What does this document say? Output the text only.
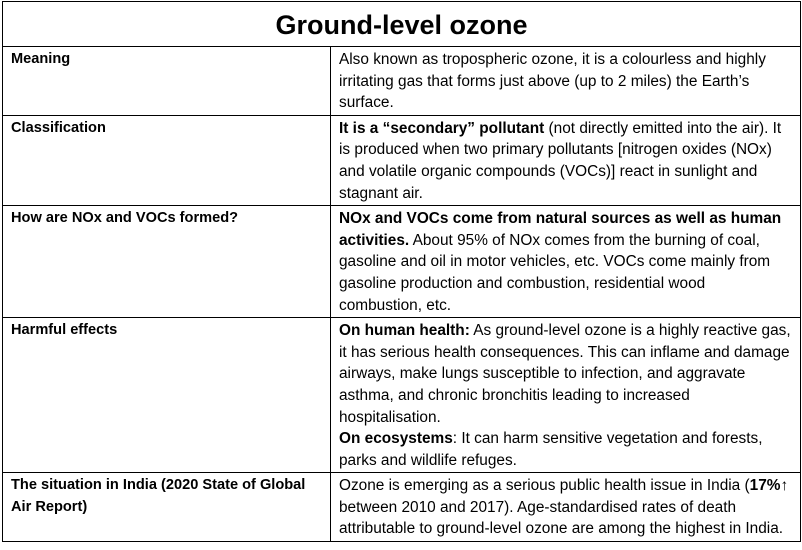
Ground-level ozone	
Meaning	Also known as tropospheric ozone, it is a colourless and highly irritating gas that forms just above (up to 2 miles) the Earth’s surface.
Classification	It is a “secondary” pollutant (not directly emitted into the air). It is produced when two primary pollutants [nitrogen oxides (NOx) and volatile organic compounds (VOCs)] react in sunlight and stagnant air.
How are NOx and VOCs formed?	NOx and VOCs come from natural sources as well as human activities. About 95% of NOx comes from the burning of coal, gasoline and oil in motor vehicles, etc. VOCs come mainly from gasoline production and combustion, residential wood combustion, etc.
Harmful effects	On human health: As ground-level ozone is a highly reactive gas, it has serious health consequences. This can inflame and damage airways, make lungs susceptible to infection, and aggravate asthma, and chronic bronchitis leading to increased hospitalisation.
On ecosystems: It can harm sensitive vegetation and forests, parks and wildlife refuges.
The situation in India (2020 State of Global Air Report)	Ozone is emerging as a serious public health issue in India (17%↑ between 2010 and 2017). Age-standardised rates of death attributable to ground-level ozone are among the highest in India.
